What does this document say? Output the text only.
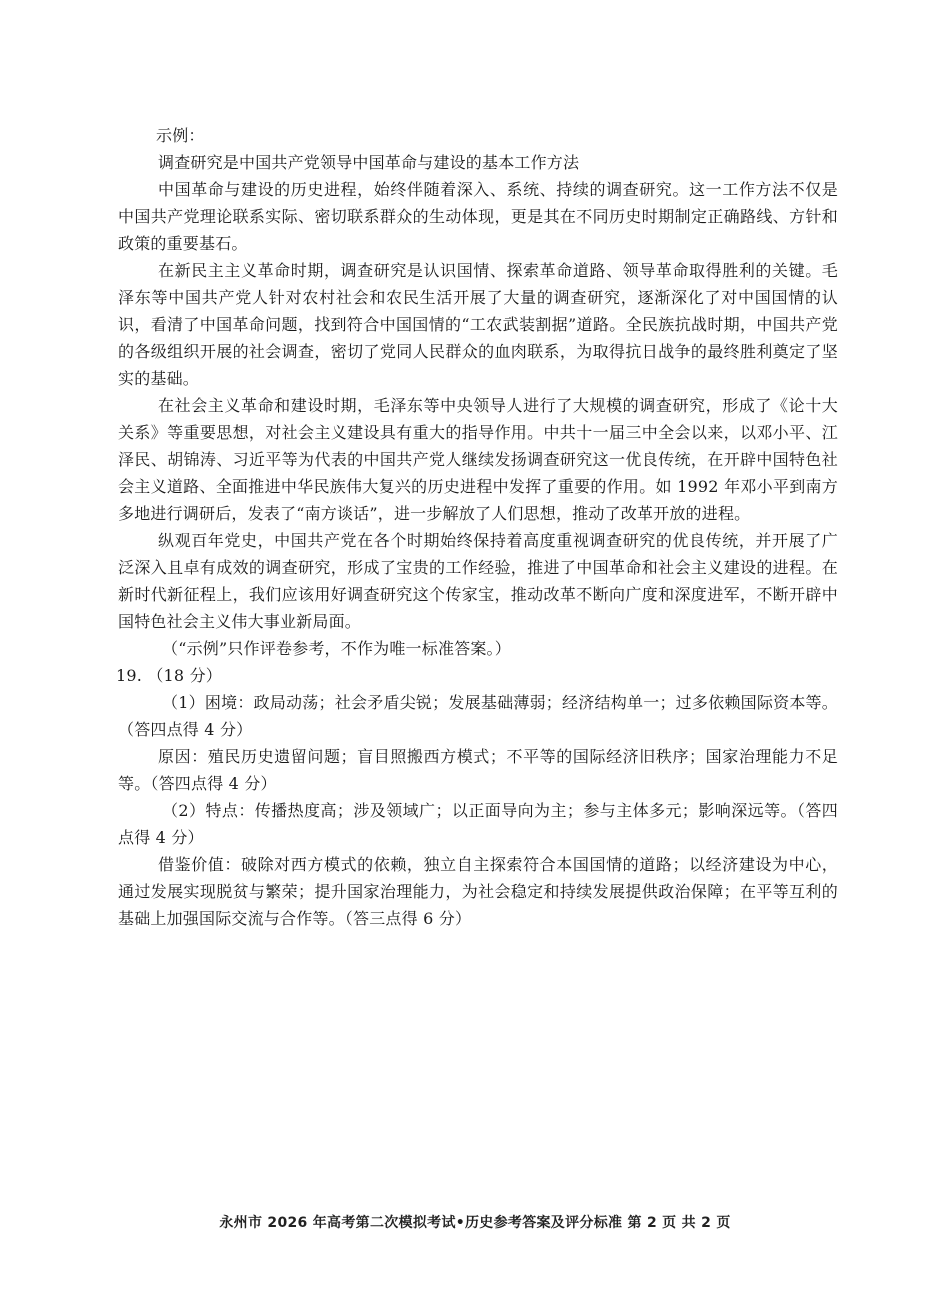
示例：

调查研究是中国共产党领导中国革命与建设的基本工作方法

中国革命与建设的历史进程，始终伴随着深入、系统、持续的调查研究。这一工作方法不仅是中国共产党理论联系实际、密切联系群众的生动体现，更是其在不同历史时期制定正确路线、方针和政策的重要基石。

在新民主主义革命时期，调查研究是认识国情、探索革命道路、领导革命取得胜利的关键。毛泽东等中国共产党人针对农村社会和农民生活开展了大量的调查研究，逐渐深化了对中国国情的认识，看清了中国革命问题，找到符合中国国情的“工农武装割据”道路。全民族抗战时期，中国共产党的各级组织开展的社会调查，密切了党同人民群众的血肉联系，为取得抗日战争的最终胜利奠定了坚实的基础。

在社会主义革命和建设时期，毛泽东等中央领导人进行了大规模的调查研究，形成了《论十大关系》等重要思想，对社会主义建设具有重大的指导作用。中共十一届三中全会以来，以邓小平、江泽民、胡锦涛、习近平等为代表的中国共产党人继续发扬调查研究这一优良传统，在开辟中国特色社会主义道路、全面推进中华民族伟大复兴的历史进程中发挥了重要的作用。如 1992 年邓小平到南方多地进行调研后，发表了“南方谈话”，进一步解放了人们思想，推动了改革开放的进程。

纵观百年党史，中国共产党在各个时期始终保持着高度重视调查研究的优良传统，并开展了广泛深入且卓有成效的调查研究，形成了宝贵的工作经验，推进了中国革命和社会主义建设的进程。在新时代新征程上，我们应该用好调查研究这个传家宝，推动改革不断向广度和深度进军，不断开辟中国特色社会主义伟大事业新局面。

（“示例”只作评卷参考，不作为唯一标准答案。）

19. （18 分）

（1）困境：政局动荡；社会矛盾尖锐；发展基础薄弱；经济结构单一；过多依赖国际资本等。（答四点得 4 分）

原因：殖民历史遗留问题；盲目照搬西方模式；不平等的国际经济旧秩序；国家治理能力不足等。（答四点得 4 分）

（2）特点：传播热度高；涉及领域广；以正面导向为主；参与主体多元；影响深远等。（答四点得 4 分）

借鉴价值：破除对西方模式的依赖，独立自主探索符合本国国情的道路；以经济建设为中心，通过发展实现脱贫与繁荣；提升国家治理能力，为社会稳定和持续发展提供政治保障；在平等互利的基础上加强国际交流与合作等。（答三点得 6 分）

永州市 2026 年高考第二次模拟考试•历史参考答案及评分标准 第 2 页 共 2 页
